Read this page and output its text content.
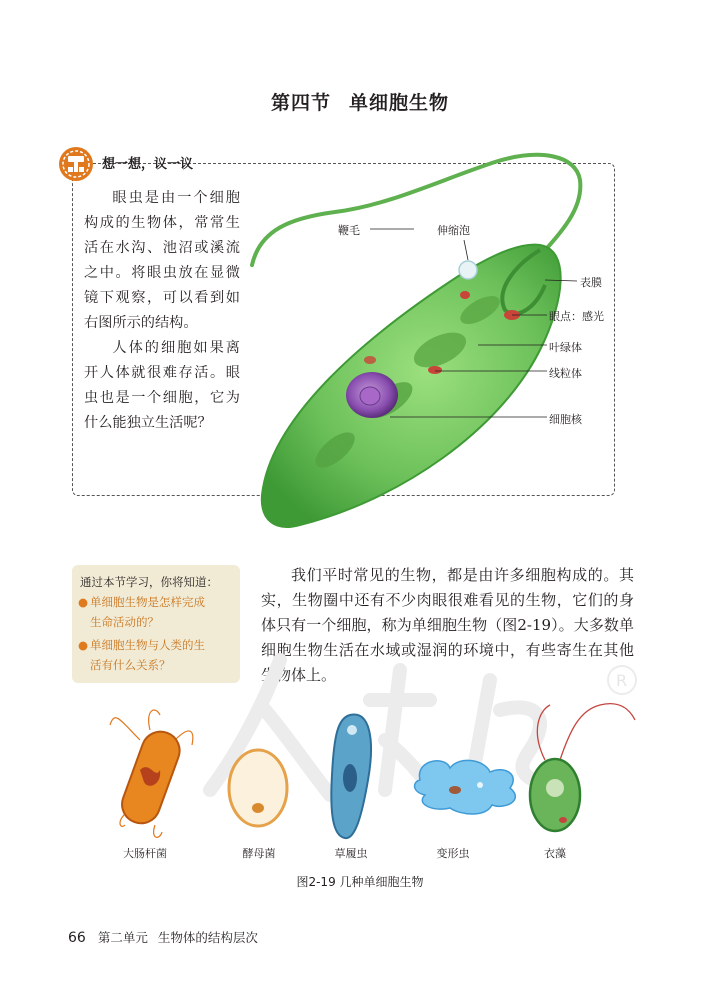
第四节 单细胞生物
想一想，议一议

眼虫是由一个细胞构成的生物体，常常生活在水沟、池沼或溪流之中。将眼虫放在显微镜下观察，可以看到如右图所示的结构。

人体的细胞如果离开人体就很难存活。眼虫也是一个细胞，它为什么能独立生活呢？

鞭毛	伸缩泡
表膜
眼点：感光
叶绿体
线粒体
细胞核
通过本节学习，你将知道：
● 单细胞生物是怎样完成
生命活动的？
● 单细胞生物与人类的生
活有什么关系？

我们平时常见的生物，都是由许多细胞构成的。其实，生物圈中还有不少肉眼很难看见的生物，它们的身体只有一个细胞，称为单细胞生物（图2-19）。大多数单细胞生物生活在水域或湿润的环境中，有些寄生在其他生物体上。	R
大肠杆菌	酵母菌	草履虫	变形虫	衣藻
图2-19 几种单细胞生物
66 第二单元 生物体的结构层次
